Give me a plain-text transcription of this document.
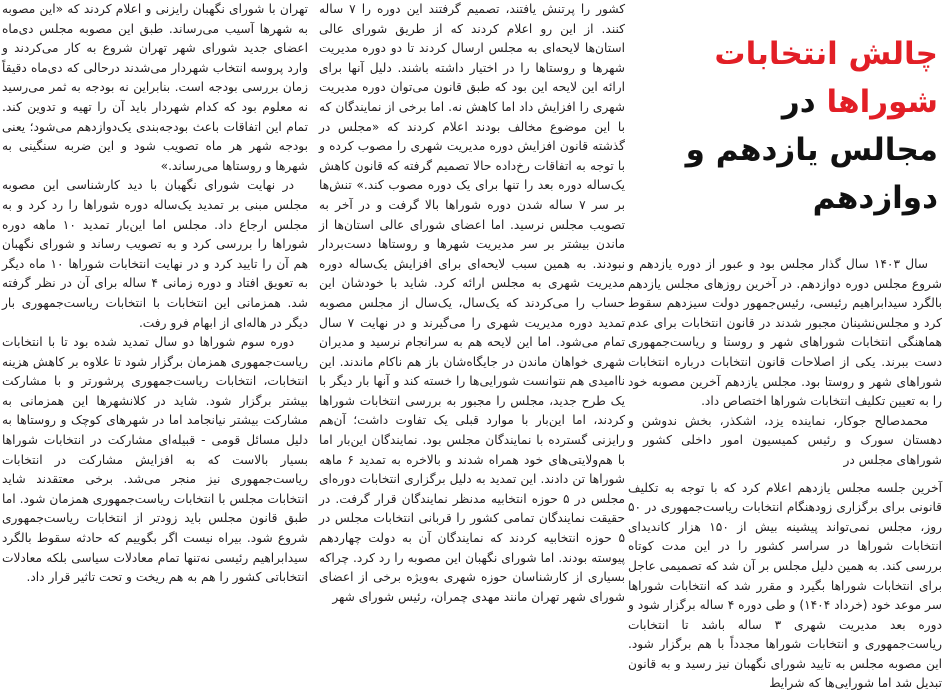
چالش انتخابات شوراها در
مجالس یازدهم و دوازدهم

سال ۱۴۰۳ سال گذار مجلس بود و عبور از دوره یازدهم و شروع مجلس دوره دوازدهم. در آخرین روزهای مجلس یازدهم بالگرد سیدابراهیم رئیسی، رئیس‌جمهور دولت سیزدهم سقوط کرد و مجلس‌نشینان مجبور شدند در قانون انتخابات برای عدم هماهنگی انتخابات شوراهای شهر و روستا و ریاست‌جمهوری دست ببرند. یکی از اصلاحات قانون انتخابات درباره انتخابات شوراهای شهر و روستا بود. مجلس یازدهم آخرین مصوبه خود را به تعیین تکلیف انتخابات شوراها اختصاص داد.

محمدصالح جوکار، نماینده یزد، اشکذر، بخش ندوشن و دهستان سورک و رئیس کمیسیون امور داخلی کشور و شوراهای مجلس در

آخرین جلسه مجلس یازدهم اعلام کرد که با توجه به تکلیف قانونی برای برگزاری زودهنگام انتخابات ریاست‌جمهوری در ۵۰ روز، مجلس نمی‌تواند پیشینه بیش از ۱۵۰ هزار کاندیدای انتخابات شوراها در سراسر کشور را در این مدت کوتاه بررسی کند. به همین دلیل مجلس بر آن شد که تصمیمی عاجل برای انتخابات شوراها بگیرد و مقرر شد که انتخابات شوراها سر موعد خود (خرداد ۱۴۰۴) و طی دوره ۴ ساله برگزار شود و دوره بعد مدیریت شهری ۳ ساله باشد تا انتخابات ریاست‌جمهوری و انتخابات شوراها مجدداً با هم برگزار شود. این مصوبه مجلس به تایید شورای نگهبان نیز رسید و به قانون تبدیل شد اما شورایی‌ها که شرایط

کشور را پرتنش یافتند، تصمیم گرفتند این دوره را ۷ ساله کنند. از این رو اعلام کردند که از طریق شورای عالی استان‌ها لایحه‌ای به مجلس ارسال کردند تا دو دوره مدیریت شهرها و روستاها را در اختیار داشته باشند. دلیل آنها برای ارائه این لایحه این بود که طبق قانون می‌توان دوره مدیریت شهری را افزایش داد اما کاهش نه. اما برخی از نمایندگان که با این موضوع مخالف بودند اعلام کردند که «مجلس در گذشته قانون افزایش دوره مدیریت شهری را مصوب کرده و با توجه به اتفاقات رخ‌داده حالا تصمیم گرفته که قانون کاهش یک‌ساله دوره بعد را تنها برای یک دوره مصوب کند.» تنش‌ها بر سر ۷ ساله شدن دوره شوراها بالا گرفت و در آخر به تصویب مجلس نرسید. اما اعضای شورای عالی استان‌ها از ماندن بیشتر بر سر مدیریت شهرها و روستاها دست‌بردار نبودند. به همین سبب لایحه‌ای برای افزایش یک‌ساله دوره مدیریت شهری به مجلس ارائه کرد. شاید با خودشان این حساب را می‌کردند که یک‌سال، یک‌سال از مجلس مصوبه تمدید دوره مدیریت شهری را می‌گیرند و در نهایت ۷ سال تمام می‌شود. اما این لایحه هم به سرانجام نرسید و مدیران شهری خواهان ماندن در جایگاه‌شان باز هم ناکام ماندند. این ناامیدی هم نتوانست شورایی‌ها را خسته کند و آنها بار دیگر با یک طرح جدید، مجلس را مجبور به بررسی انتخابات شوراها کردند، اما این‌بار با موارد قبلی یک تفاوت داشت؛ آن‌هم رایزنی گسترده با نمایندگان مجلس بود. نمایندگان این‌بار اما با هم‌ولایتی‌های خود همراه شدند و بالاخره به تمدید ۶ ماهه شوراها تن دادند. این تمدید به دلیل برگزاری انتخابات دوره‌ای مجلس در ۵ حوزه انتخابیه مدنظر نمایندگان قرار گرفت. در حقیقت نمایندگان تمامی کشور را قربانی انتخابات مجلس در ۵ حوزه انتخابیه کردند که نمایندگان آن به دولت چهاردهم پیوسته بودند. اما شورای نگهبان این مصوبه را رد کرد. چراکه بسیاری از کارشناسان حوزه شهری به‌ویژه برخی از اعضای شورای شهر تهران مانند مهدی چمران، رئیس شورای شهر

تهران با شورای نگهبان رایزنی و اعلام کردند که «این مصوبه به شهرها آسیب می‌رساند. طبق این مصوبه مجلس دی‌ماه اعضای جدید شورای شهر تهران شروع به کار می‌کردند و وارد پروسه انتخاب شهردار می‌شدند درحالی که دی‌ماه دقیقاً زمان بررسی بودجه است. بنابراین نه بودجه به ثمر می‌رسید نه معلوم بود که کدام شهردار باید آن را تهیه و تدوین کند. تمام این اتفاقات باعث بودجه‌بندی یک‌دوازدهم می‌شود؛ یعنی بودجه شهر هر ماه تصویب شود و این ضربه سنگینی به شهرها و روستاها می‌رساند.»

در نهایت شورای نگهبان با دید کارشناسی این مصوبه مجلس مبنی بر تمدید یک‌ساله دوره شوراها را رد کرد و به مجلس ارجاع داد. مجلس اما این‌بار تمدید ۱۰ ماهه دوره شوراها را بررسی کرد و به تصویب رساند و شورای نگهبان هم آن را تایید کرد و در نهایت انتخابات شوراها ۱۰ ماه دیگر به تعویق افتاد و دوره زمانی ۴ ساله برای آن در نظر گرفته شد. همزمانی این انتخابات با انتخابات ریاست‌جمهوری بار دیگر در هاله‌ای از ابهام فرو رفت.

دوره سوم شوراها دو سال تمدید شده بود تا با انتخابات ریاست‌جمهوری همزمان برگزار شود تا علاوه بر کاهش هزینه انتخابات، انتخابات ریاست‌جمهوری پرشورتر و با مشارکت بیشتر برگزار شود. شاید در کلانشهرها این همزمانی به مشارکت بیشتر نیانجامد اما در شهرهای کوچک و روستاها به دلیل مسائل قومی - قبیله‌ای مشارکت در انتخابات شوراها بسیار بالاست که به افزایش مشارکت در انتخابات ریاست‌جمهوری نیز منجر می‌شد. برخی معتقدند شاید انتخابات مجلس با انتخابات ریاست‌جمهوری همزمان شود. اما طبق قانون مجلس باید زودتر از انتخابات ریاست‌جمهوری شروع شود. بیراه نیست اگر بگوییم که حادثه سقوط بالگرد سیدابراهیم رئیسی نه‌تنها تمام معادلات سیاسی بلکه معادلات انتخاباتی کشور را هم به هم ریخت و تحت تاثیر قرار داد.
